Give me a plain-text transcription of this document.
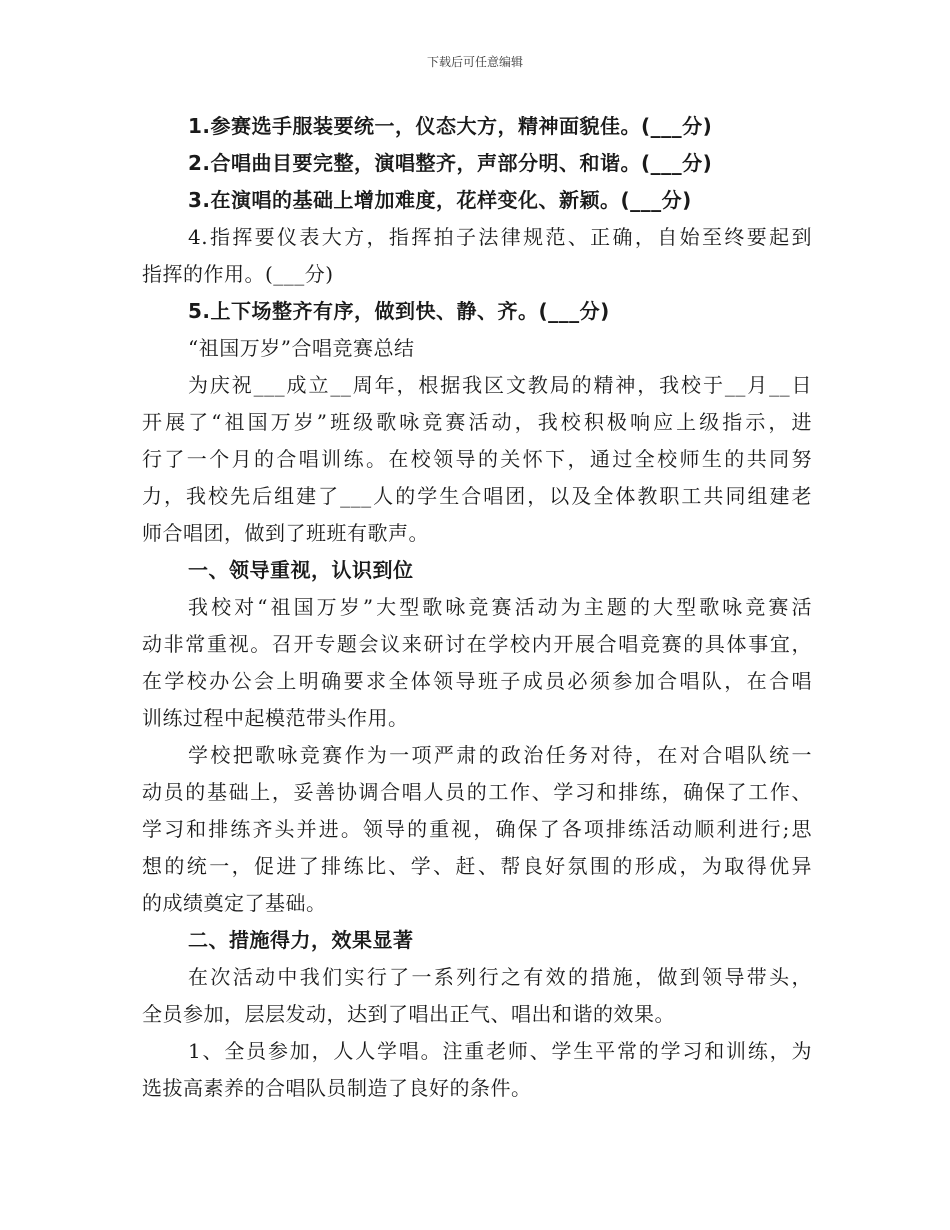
下载后可任意编辑

1.参赛选手服装要统一，仪态大方，精神面貌佳。(___分)

2.合唱曲目要完整，演唱整齐，声部分明、和谐。(___分)

3.在演唱的基础上增加难度，花样变化、新颖。(___分)

4.指挥要仪表大方，指挥拍子法律规范、正确，自始至终要起到

指挥的作用。(___分)

5.上下场整齐有序，做到快、静、齐。(___分)

“祖国万岁”合唱竞赛总结

为庆祝___成立__周年，根据我区文教局的精神，我校于__月__日

开展了“祖国万岁”班级歌咏竞赛活动，我校积极响应上级指示，进

行了一个月的合唱训练。在校领导的关怀下，通过全校师生的共同努

力，我校先后组建了___人的学生合唱团，以及全体教职工共同组建老

师合唱团，做到了班班有歌声。

一、领导重视，认识到位

我校对“祖国万岁”大型歌咏竞赛活动为主题的大型歌咏竞赛活

动非常重视。召开专题会议来研讨在学校内开展合唱竞赛的具体事宜，

在学校办公会上明确要求全体领导班子成员必须参加合唱队，在合唱

训练过程中起模范带头作用。

学校把歌咏竞赛作为一项严肃的政治任务对待，在对合唱队统一

动员的基础上，妥善协调合唱人员的工作、学习和排练，确保了工作、

学习和排练齐头并进。领导的重视，确保了各项排练活动顺利进行;思

想的统一，促进了排练比、学、赶、帮良好氛围的形成，为取得优异

的成绩奠定了基础。

二、措施得力，效果显著

在次活动中我们实行了一系列行之有效的措施，做到领导带头，

全员参加，层层发动，达到了唱出正气、唱出和谐的效果。

1、全员参加，人人学唱。注重老师、学生平常的学习和训练，为

选拔高素养的合唱队员制造了良好的条件。
